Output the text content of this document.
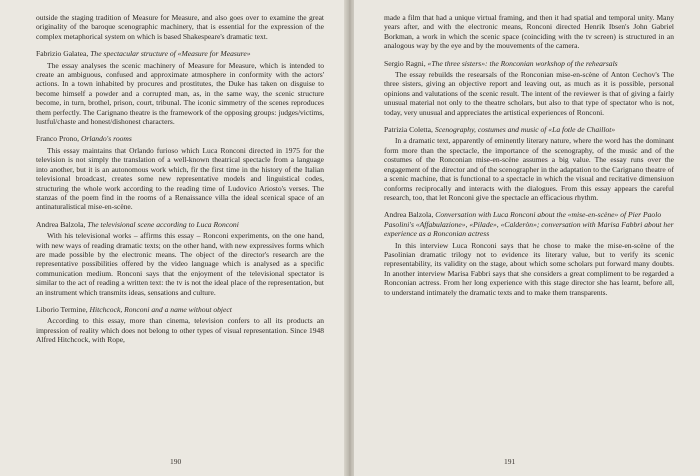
outside the staging tradition of Measure for Measure, and also goes over to examine the great originality of the baroque scenographic machinery, that is essential for the expression of the complex metaphorical system on which is based Shakespeare's dramatic text.

Fabrizio Galatea, The spectacular structure of «Measure for Measure»

The essay analyses the scenic machinery of Measure for Measure, which is intended to create an ambiguous, confused and approximate atmosphere in conformity with the actors' actions. In a town inhabited by procures and prostitutes, the Duke has taken on disguise to become himself a powder and a corrupted man, as, in the same way, the scenic structure become, in turn, brothel, prison, court, tribunal. The iconic simmetry of the scenes reproduces them perfectly. The Carignano theatre is the framework of the opposing groups: judges/victims, lustful/chaste and honest/dishonest characters.

Franco Prono, Orlando's rooms

This essay maintains that Orlando furioso which Luca Ronconi directed in 1975 for the television is not simply the translation of a well-known theatrical spectacle from a language into another, but it is an autonomous work which, fir the first time in the history of the Italian televisional broadcast, creates some new representative models and linguistical codes, structuring the whole work according to the reading time of Ludovico Ariosto's verses. The stanzas of the poem find in the rooms of a Renaissance villa the ideal scenical space of an antinaturalistical mise-en-scène.

Andrea Balzola, The televisional scene according to Luca Ronconi

With his televisional works – affirms this essay – Ronconi experiments, on the one hand, with new ways of reading dramatic texts; on the other hand, with new expressives forms which are made possible by the electronic means. The object of the director's research are the representative possibilities offered by the video language which is analysed as a specific communication medium. Ronconi says that the enjoyment of the televisional spectator is similar to the act of reading a written text: the tv is not the ideal place of the representation, but an instrument which transmits ideas, sensations and culture.

Liborio Termine, Hitchcock, Ronconi and a name without object

According to this essay, more than cinema, television confers to all its products an impression of reality which does not belong to other types of visual representation. Since 1948 Alfred Hitchcock, with Rope,

190

made a film that had a unique virtual framing, and then it had spatial and temporal unity. Many years after, and with the electronic means, Ronconi directed Henrik Ibsen's John Gabriel Borkman, a work in which the scenic space (coinciding with the tv screen) is structured in an analogous way by the eye and by the mouvements of the camera.

Sergio Ragni, «The three sisters»: the Ronconian workshop of the rehearsals

The essay rebuilds the researsals of the Ronconian mise-en-scène of Anton Cechov's The three sisters, giving an objective report and leaving out, as much as it is possible, personal opinions and valutations of the scenic result. The intent of the reviewer is that of giving a fairly unusual material not only to the theatre scholars, but also to that type of spectator who is not, today, very unusual and appreciates the artistical experiences of Ronconi.

Patrizia Coletta, Scenography, costumes and music of «La fotle de Chaillot»

In a dramatic text, apparently of eminently literary nature, where the word has the dominant form more than the spectacle, the importance of the scenography, of the music and of the costumes of the Ronconian mise-en-scène assumes a big value. The essay runs over the engagement of the director and of the scenographer in the adaptation to the Carignano theatre of a scenic machine, that is functional to a spectacle in which the visual and recitative dimensiuon conforms reciprocally and interacts with the dialogues. From this essay appears the careful research, too, that let Ronconi give the spectacle an efficacious rhythm.

Andrea Balzola, Conversation with Luca Ronconi about the «mise-en-scène» of Pier Paolo Pasolini's «Affabulazione», «Pilade», «Calderòn»; conversation with Marisa Fabbri about her experience as a Ronconian actress

In this interview Luca Ronconi says that he chose to make the mise-en-scène of the Pasolinian dramatic trilogy not to evidence its literary value, but to verify its scenic representability, its validity on the stage, about which some scholars put forward many doubts. In another interview Marisa Fabbri says that she considers a great compliment to be regarded a Ronconian actress. From her long experience with this stage director she has learnt, before all, to understand intimately the dramatic texts and to make them transparents.

191
